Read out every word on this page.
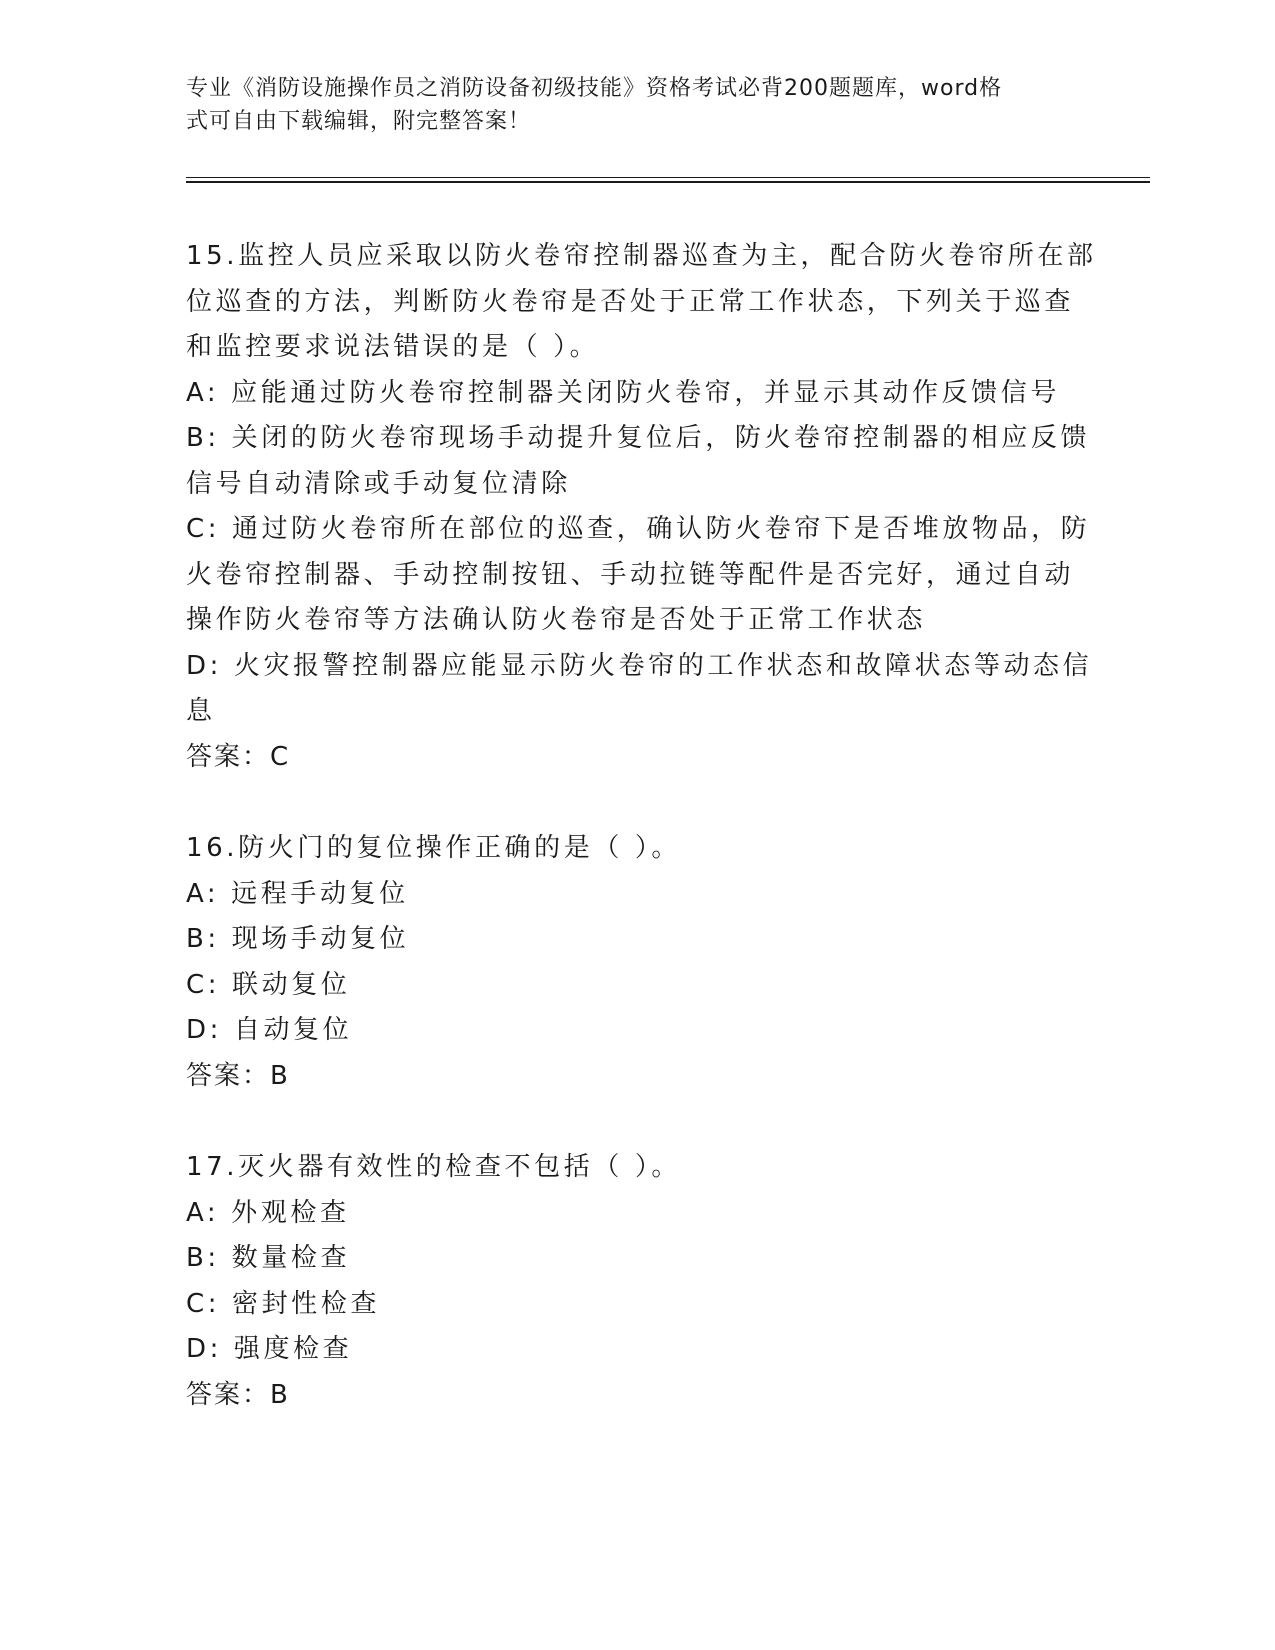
专业《消防设施操作员之消防设备初级技能》资格考试必背200题题库，word格
式可自由下载编辑，附完整答案！
15.监控人员应采取以防火卷帘控制器巡查为主，配合防火卷帘所在部
位巡查的方法，判断防火卷帘是否处于正常工作状态，下列关于巡查
和监控要求说法错误的是（ ）。
A: 应能通过防火卷帘控制器关闭防火卷帘，并显示其动作反馈信号
B: 关闭的防火卷帘现场手动提升复位后，防火卷帘控制器的相应反馈
信号自动清除或手动复位清除
C: 通过防火卷帘所在部位的巡查，确认防火卷帘下是否堆放物品，防
火卷帘控制器、手动控制按钮、手动拉链等配件是否完好，通过自动
操作防火卷帘等方法确认防火卷帘是否处于正常工作状态
D: 火灾报警控制器应能显示防火卷帘的工作状态和故障状态等动态信
息
答案：C
16.防火门的复位操作正确的是（ ）。
A: 远程手动复位
B: 现场手动复位
C: 联动复位
D: 自动复位
答案：B
17.灭火器有效性的检查不包括（ ）。
A: 外观检查
B: 数量检查
C: 密封性检查
D: 强度检查
答案：B
